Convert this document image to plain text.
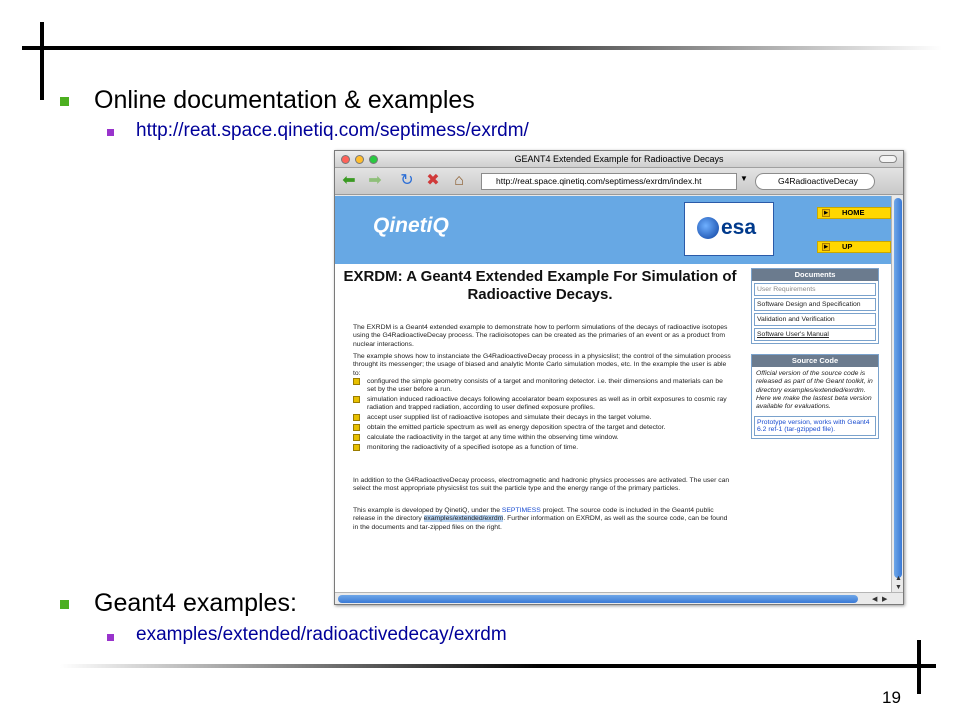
Online documentation & examples
http://reat.space.qinetiq.com/septimess/exrdm/
Geant4 examples:
examples/extended/radioactivedecay/exrdm
19
GEANT4 Extended Example for Radioactive Decays
⬅ ➡ ↻ ✖ ⌂	http://reat.space.qinetiq.com/septimess/exrdm/index.ht	▼	G4RadioactiveDecay
QinetiQ	esa
▶ HOME
▶ UP
EXRDM: A Geant4 Extended Example For Simulation of Radioactive Decays.
The EXRDM is a Geant4 extended example to demonstrate how to perform simulations of the decays of radioactive isotopes using the G4RadioactiveDecay process. The radioisotopes can be created as the primaries of an event or as a product from nuclear interactions.
The example shows how to instanciate the G4RadioactiveDecay process in a physicslist; the control of the simulation process throught its messenger; the usage of biased and analytic Monte Carlo simulation modes, etc. In the example the user is able to:
configured the simple geometry consists of a target and monitoring detector. i.e. their dimensions and materials can be set by the user before a run.
simulation induced radioactive decays following accelarator beam exposures as well as in orbit exposures to cosmic ray radiation and trapped radiation, according to user defined exposure profiles.
accept user supplied list of radioactive isotopes and simulate their decays in the target volume.
obtain the emitted particle spectrum as well as energy deposition spectra of the target and detector.
calculate the radioactivity in the target at any time within the observing time window.
monitoring the radioactivity of a specified isotope as a function of time.
In addition to the G4RadioactiveDecay process, electromagnetic and hadronic physics processes are activated. The user can select the most appropriate physicslist tos suit the particle type and the energy range of the primary particles.
This example is developed by QinetiQ, under the SEPTIMESS project. The source code is included in the Geant4 public release in the directory examples/extended/exrdm. Further information on EXRDM, as well as the source code, can be found in the documents and tar-zipped files on the right.
Documents
User Requirements
Software Design and Specification
Validation and Verification
Software User's Manual
Source Code
Official version of the source code is released as part of the Geant toolkit, in directory examples/extended/exrdm. Here we make the lastest beta version available for evaluations.
Prototype version, works with Geant4 6.2 ref-1 (tar-gzipped file).
▲
▼
◀ ▶
